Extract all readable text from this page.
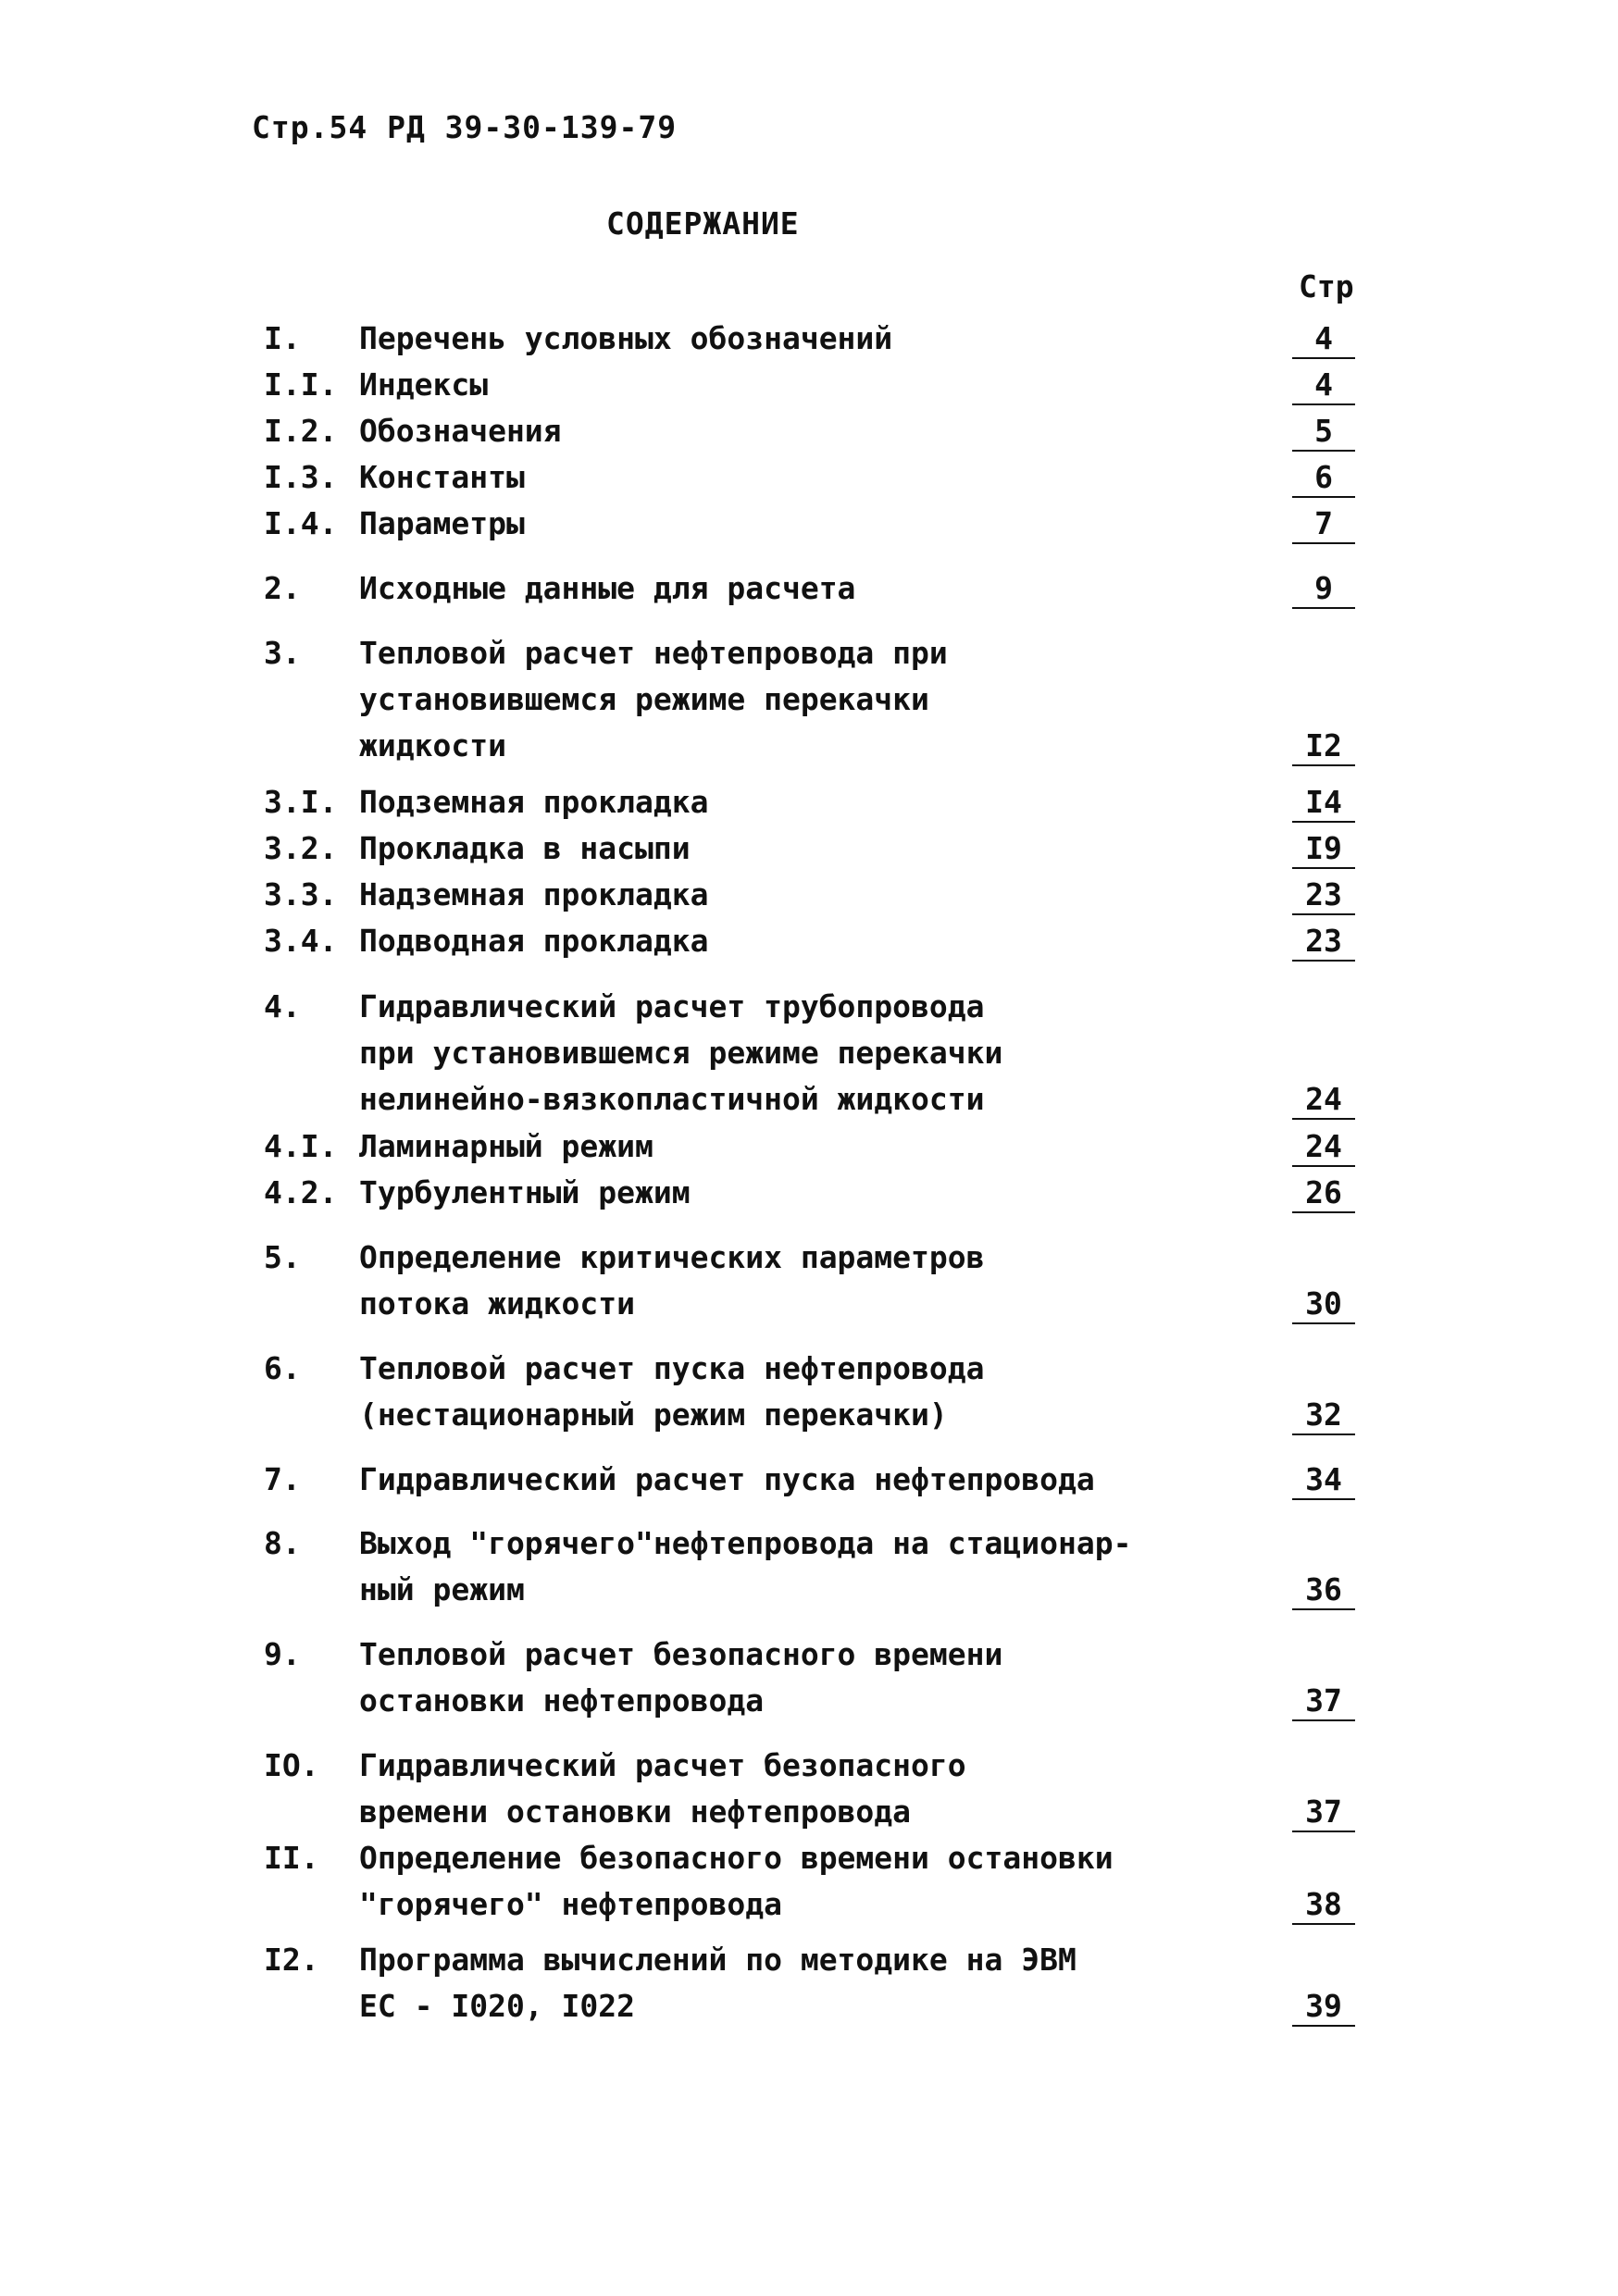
Стр.54 РД 39-30-139-79
СОДЕРЖАНИЕ
Стр
I. Перечень условных обозначений	4
I.I. Индексы	4
I.2. Обозначения	5
I.3. Константы	6
I.4. Параметры	7
2. Исходные данные для расчета	9
3. Тепловой расчет нефтепровода при
установившемся режиме перекачки
жидкости	I2
3.I. Подземная прокладка	I4
3.2. Прокладка в насыпи	I9
3.3. Надземная прокладка	23
3.4. Подводная прокладка	23
4. Гидравлический расчет трубопровода
при установившемся режиме перекачки
нелинейно-вязкопластичной жидкости	24
4.I. Ламинарный режим	24
4.2. Турбулентный режим	26
5. Определение критических параметров
потока жидкости	30
6. Тепловой расчет пуска нефтепровода
(нестационарный режим перекачки)	32
7. Гидравлический расчет пуска нефтепровода	34
8. Выход "горячего"нефтепровода на стационар-
ный режим	36
9. Тепловой расчет безопасного времени
остановки нефтепровода	37
IO. Гидравлический расчет безопасного
времени остановки нефтепровода	37
II. Определение безопасного времени остановки
"горячего" нефтепровода	38
I2. Программа вычислений по методике на ЭВМ
ЕС - I020, I022	39
